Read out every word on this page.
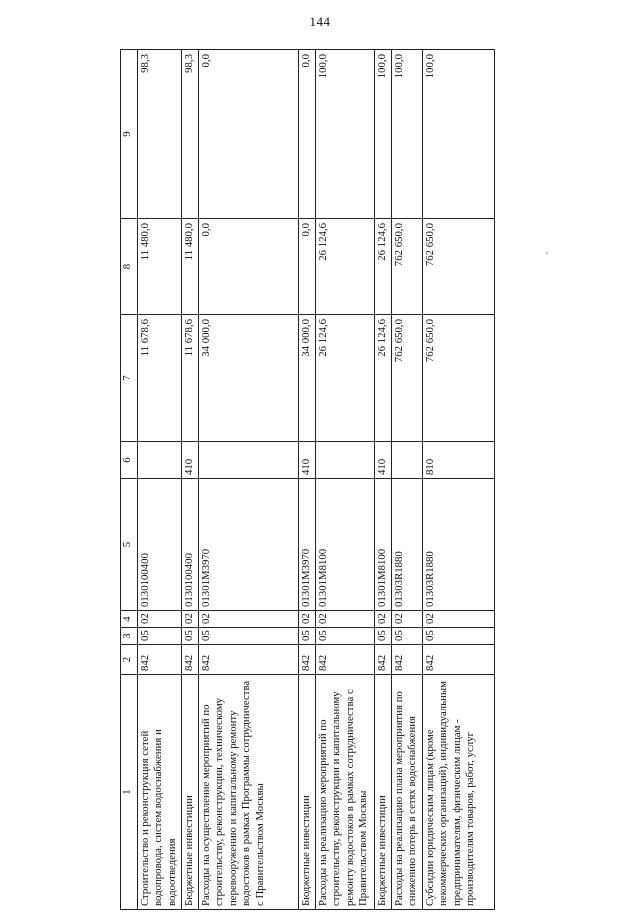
144
ʼ
1	2	3	4	5	6	7	8	9
Строительство и реконструкция сетей водопровода, систем водоснабжения и водоотведения	842	05	02	0130100400		11 678,6	11 480,0	98,3
Бюджетные инвестиции	842	05	02	0130100400	410	11 678,6	11 480,0	98,3
Расходы на осуществление мероприятий по строительству, реконструкции, техническому перевооружению и капитальному ремонту водостоков в рамках Программы сотрудничества с Правительством Москвы	842	05	02	01301М3970		34 000,0	0,0	0,0
Бюджетные инвестиции	842	05	02	01301М3970	410	34 000,0	0,0	0,0
Расходы на реализацию мероприятий по строительству, реконструкции и капитальному ремонту водостоков в рамках сотрудничества с Правительством Москвы	842	05	02	01301М8100		26 124,6	26 124,6	100,0
Бюджетные инвестиции	842	05	02	01301М8100	410	26 124,6	26 124,6	100,0
Расходы на реализацию плана мероприятия по снижению потерь в сетях водоснабжения	842	05	02	01303R1880		762 650,0	762 650,0	100,0
Субсидии юридическим лицам (кроме некоммерческих организаций), индивидуальным предпринимателям, физическим лицам - производителям товаров, работ, услуг	842	05	02	01303R1880	810	762 650,0	762 650,0	100,0
